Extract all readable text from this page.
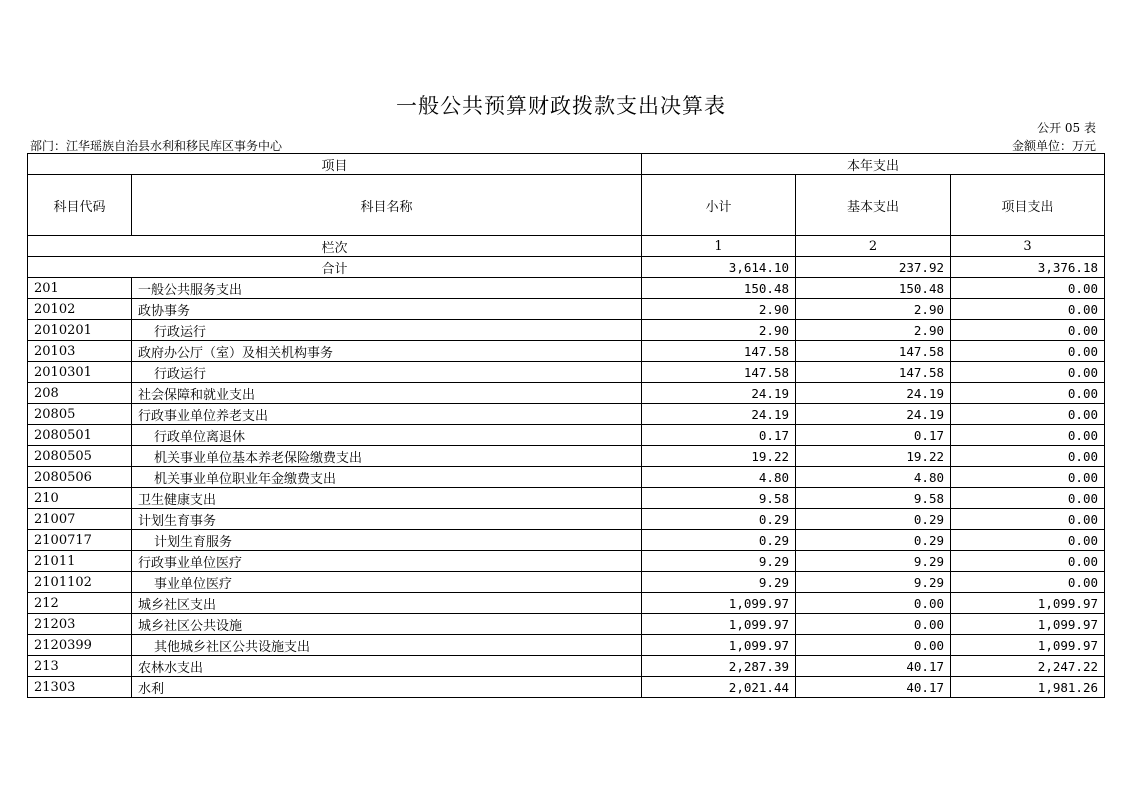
一般公共预算财政拨款支出决算表
公开 05 表
部门：江华瑶族自治县水利和移民库区事务中心	金额单位：万元
项目		本年支出		
科目代码	科目名称	小计	基本支出	项目支出
栏次		1	2	3
合计		3,614.10	237.92	3,376.18
201	一般公共服务支出	150.48	150.48	0.00
20102	政协事务	2.90	2.90	0.00
2010201	行政运行	2.90	2.90	0.00
20103	政府办公厅（室）及相关机构事务	147.58	147.58	0.00
2010301	行政运行	147.58	147.58	0.00
208	社会保障和就业支出	24.19	24.19	0.00
20805	行政事业单位养老支出	24.19	24.19	0.00
2080501	行政单位离退休	0.17	0.17	0.00
2080505	机关事业单位基本养老保险缴费支出	19.22	19.22	0.00
2080506	机关事业单位职业年金缴费支出	4.80	4.80	0.00
210	卫生健康支出	9.58	9.58	0.00
21007	计划生育事务	0.29	0.29	0.00
2100717	计划生育服务	0.29	0.29	0.00
21011	行政事业单位医疗	9.29	9.29	0.00
2101102	事业单位医疗	9.29	9.29	0.00
212	城乡社区支出	1,099.97	0.00	1,099.97
21203	城乡社区公共设施	1,099.97	0.00	1,099.97
2120399	其他城乡社区公共设施支出	1,099.97	0.00	1,099.97
213	农林水支出	2,287.39	40.17	2,247.22
21303	水利	2,021.44	40.17	1,981.26
